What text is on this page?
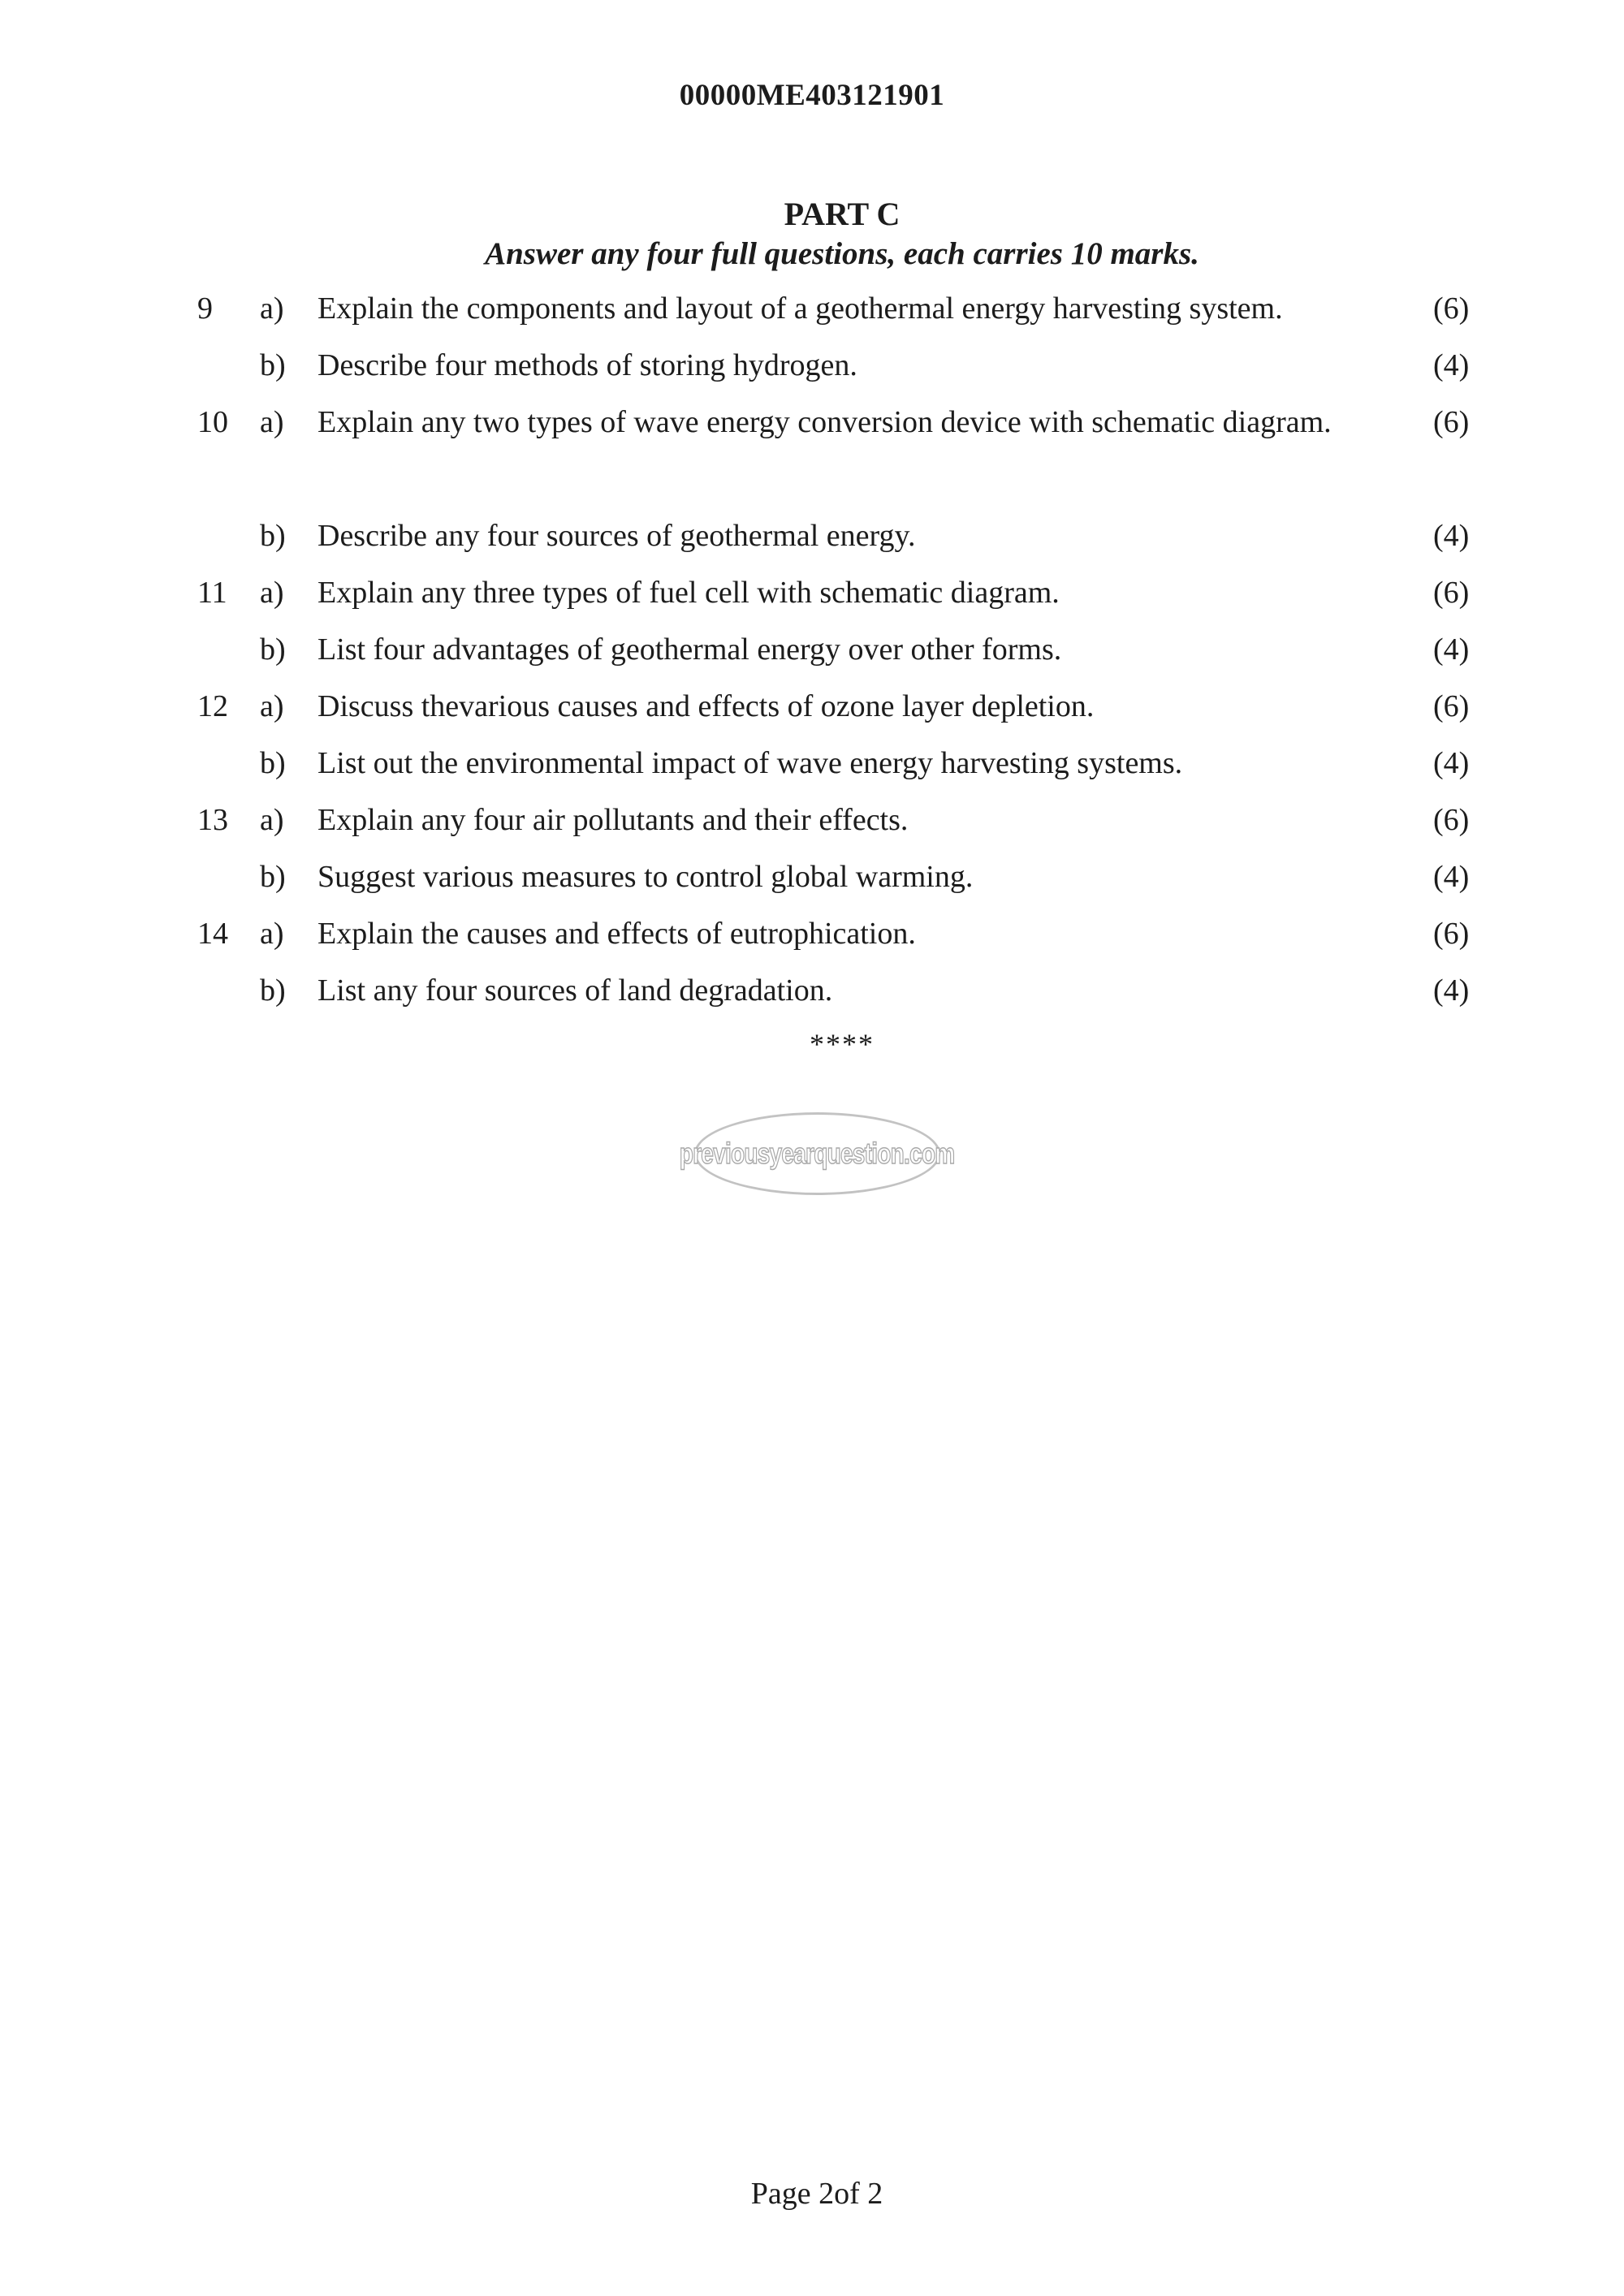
00000ME403121901
PART C
Answer any four full questions, each carries 10 marks.
9 a) Explain the components and layout of a geothermal energy harvesting system.	(6)
b) Describe four methods of storing hydrogen.	(4)
10 a) Explain any two types of wave energy conversion device with schematic diagram.	(6)
b) Describe any four sources of geothermal energy.	(4)
11 a) Explain any three types of fuel cell with schematic diagram.	(6)
b) List four advantages of geothermal energy over other forms.	(4)
12 a) Discuss thevarious causes and effects of ozone layer depletion.	(6)
b) List out the environmental impact of wave energy harvesting systems.	(4)
13 a) Explain any four air pollutants and their effects.	(6)
b) Suggest various measures to control global warming.	(4)
14 a) Explain the causes and effects of eutrophication.	(6)
b) List any four sources of land degradation.	(4)
****
previousyearquestion.com
Page 2of 2
